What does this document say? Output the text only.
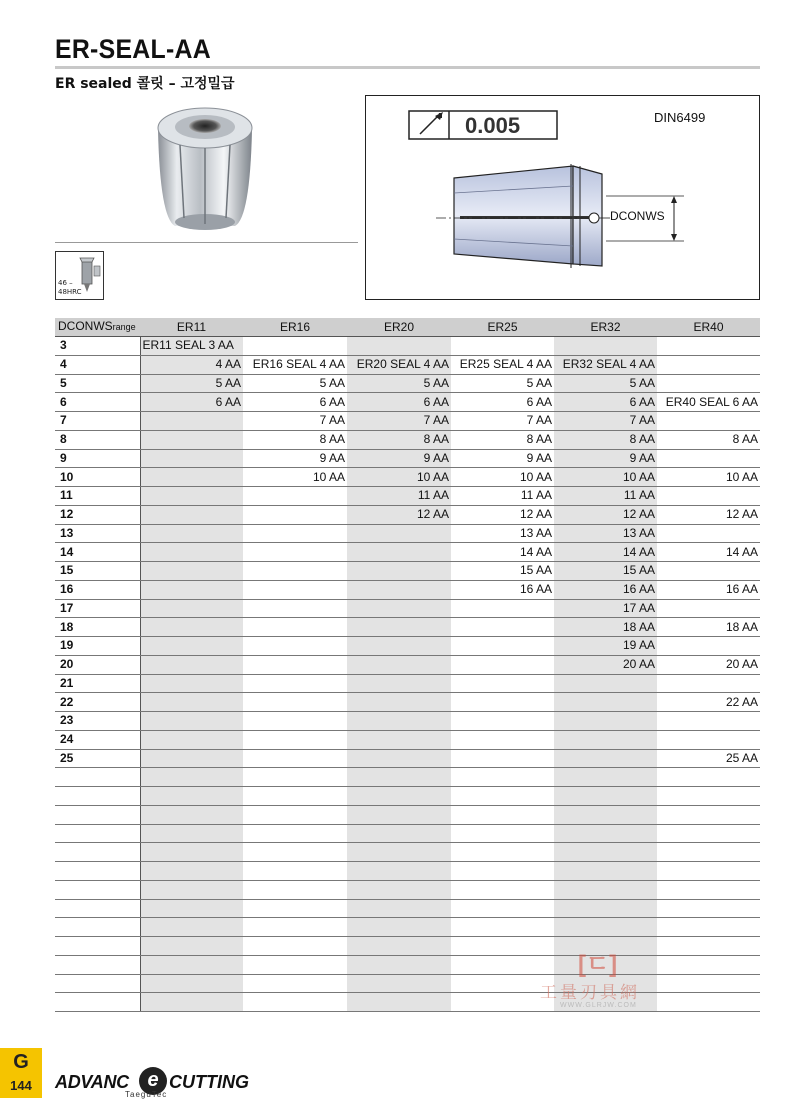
ER-SEAL-AA
ER sealed 콜릿 – 고정밀급
46 –
48HRC
0.005	DIN6499
DCONWS
DCONWSrange	ER11	ER16	ER20	ER25	ER32	ER40
3	ER11 SEAL 3 AA					
4	4 AA	ER16 SEAL 4 AA	ER20 SEAL 4 AA	ER25 SEAL 4 AA	ER32 SEAL 4 AA	
5	5 AA	5 AA	5 AA	5 AA	5 AA	
6	6 AA	6 AA	6 AA	6 AA	6 AA	ER40 SEAL 6 AA
7		7 AA	7 AA	7 AA	7 AA	
8		8 AA	8 AA	8 AA	8 AA	8 AA
9		9 AA	9 AA	9 AA	9 AA	
10		10 AA	10 AA	10 AA	10 AA	10 AA
11			11 AA	11 AA	11 AA	
12			12 AA	12 AA	12 AA	12 AA
13				13 AA	13 AA	
14				14 AA	14 AA	14 AA
15				15 AA	15 AA	
16				16 AA	16 AA	16 AA
17					17 AA	
18					18 AA	18 AA
19					19 AA	
20					20 AA	20 AA
21						
22						22 AA
23						
24						
25						25 AA

[ㄷ]
工量刃具網
WWW.GLRJW.COM
G
144	ADVANC e CUTTING
TaeguTec
